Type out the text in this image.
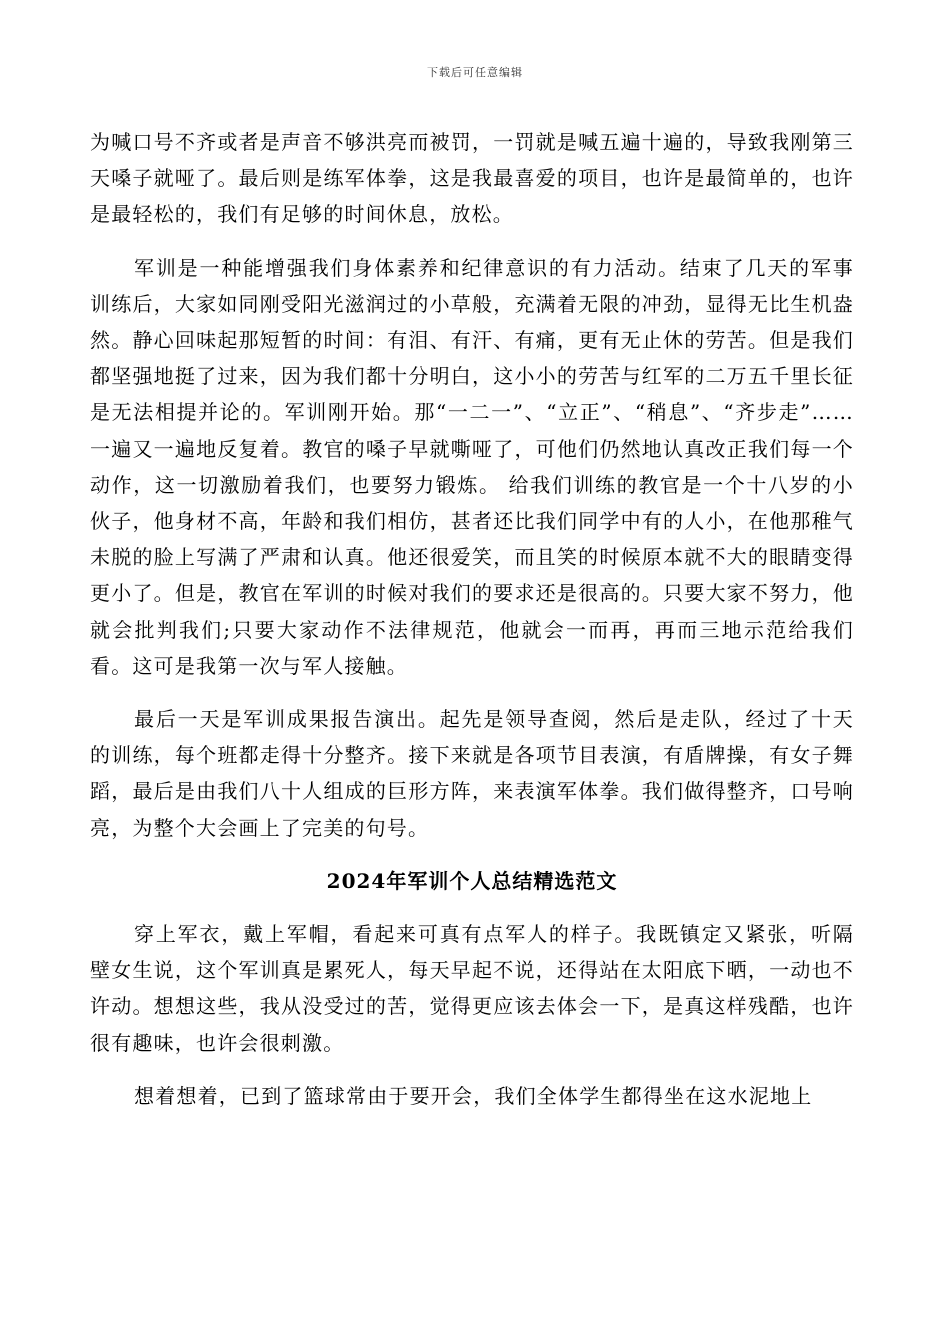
下载后可任意编辑

为喊口号不齐或者是声音不够洪亮而被罚，一罚就是喊五遍十遍的，导致我刚第三天嗓子就哑了。最后则是练军体拳，这是我最喜爱的项目，也许是最简单的，也许是最轻松的，我们有足够的时间休息，放松。

军训是一种能增强我们身体素养和纪律意识的有力活动。结束了几天的军事训练后，大家如同刚受阳光滋润过的小草般，充满着无限的冲劲，显得无比生机盎然。静心回味起那短暂的时间：有泪、有汗、有痛，更有无止休的劳苦。但是我们都坚强地挺了过来，因为我们都十分明白，这小小的劳苦与红军的二万五千里长征是无法相提并论的。军训刚开始。那“一二一”、“立正”、“稍息”、“齐步走”……一遍又一遍地反复着。教官的嗓子早就嘶哑了，可他们仍然地认真改正我们每一个动作，这一切激励着我们，也要努力锻炼。 给我们训练的教官是一个十八岁的小伙子，他身材不高，年龄和我们相仿，甚者还比我们同学中有的人小，在他那稚气未脱的脸上写满了严肃和认真。他还很爱笑，而且笑的时候原本就不大的眼睛变得更小了。但是，教官在军训的时候对我们的要求还是很高的。只要大家不努力，他就会批判我们;只要大家动作不法律规范，他就会一而再，再而三地示范给我们看。这可是我第一次与军人接触。

最后一天是军训成果报告演出。起先是领导查阅，然后是走队，经过了十天的训练，每个班都走得十分整齐。接下来就是各项节目表演，有盾牌操，有女子舞蹈，最后是由我们八十人组成的巨形方阵，来表演军体拳。我们做得整齐，口号响亮，为整个大会画上了完美的句号。

2024年军训个人总结精选范文

穿上军衣，戴上军帽，看起来可真有点军人的样子。我既镇定又紧张，听隔壁女生说，这个军训真是累死人，每天早起不说，还得站在太阳底下晒，一动也不许动。想想这些，我从没受过的苦，觉得更应该去体会一下，是真这样残酷，也许很有趣味，也许会很刺激。

想着想着，已到了篮球常由于要开会，我们全体学生都得坐在这水泥地上
